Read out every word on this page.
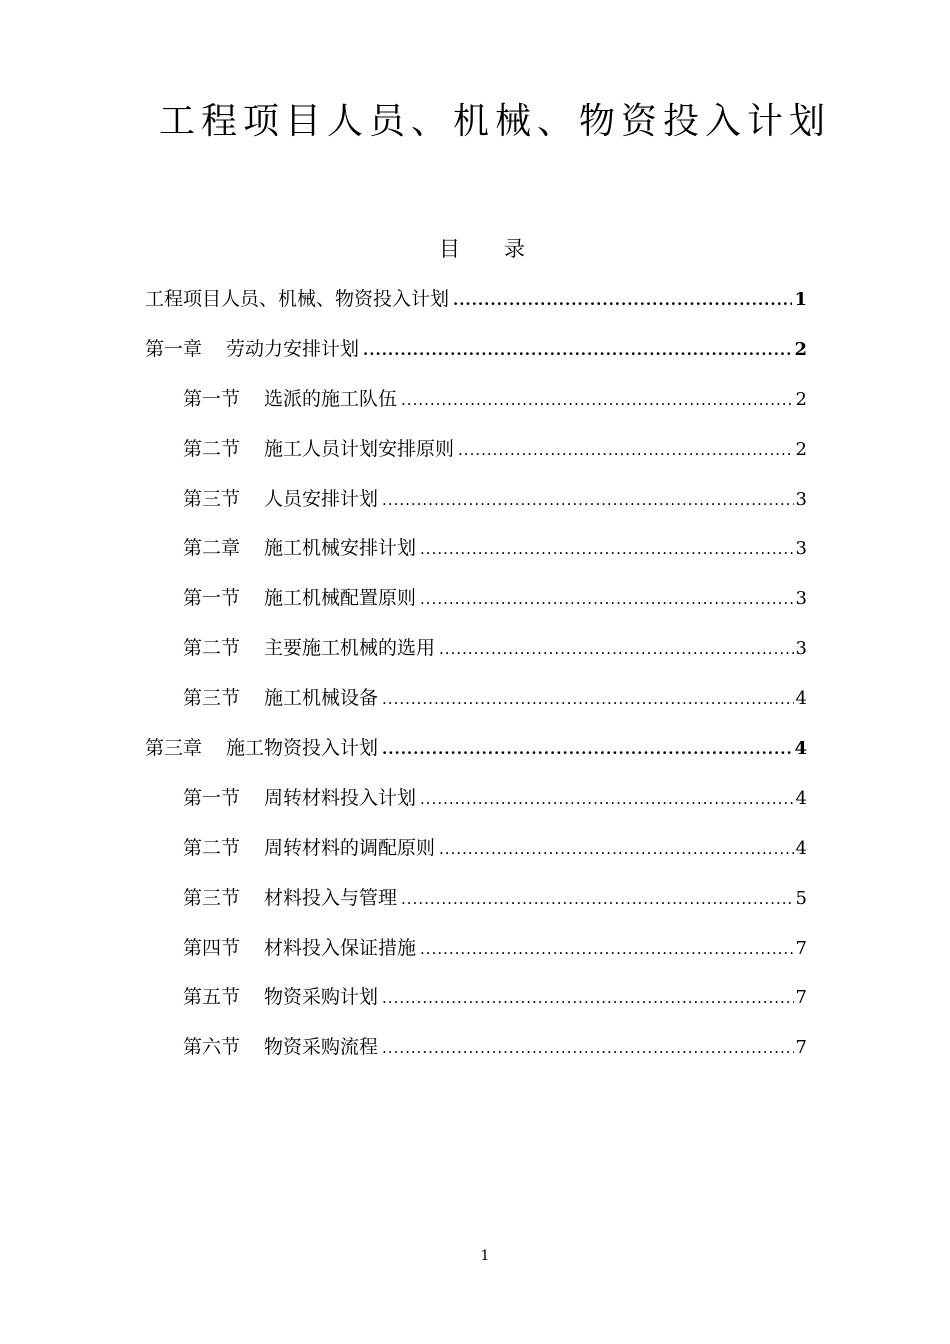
工程项目人员、机械、物资投入计划
目 录
工程项目人员、机械、物资投入计划 .....	1
第一章 劳动力安排计划 .....	2
第一节 选派的施工队伍 .....	2
第二节 施工人员计划安排原则 .....	2
第三节 人员安排计划 .....	3
第二章 施工机械安排计划 .....	3
第一节 施工机械配置原则 .....	3
第二节 主要施工机械的选用 .....	3
第三节 施工机械设备 .....	4
第三章 施工物资投入计划 .....	4
第一节 周转材料投入计划 .....	4
第二节 周转材料的调配原则 .....	4
第三节 材料投入与管理 .....	5
第四节 材料投入保证措施 .....	7
第五节 物资采购计划 .....	7
第六节 物资采购流程 .....	7
1
